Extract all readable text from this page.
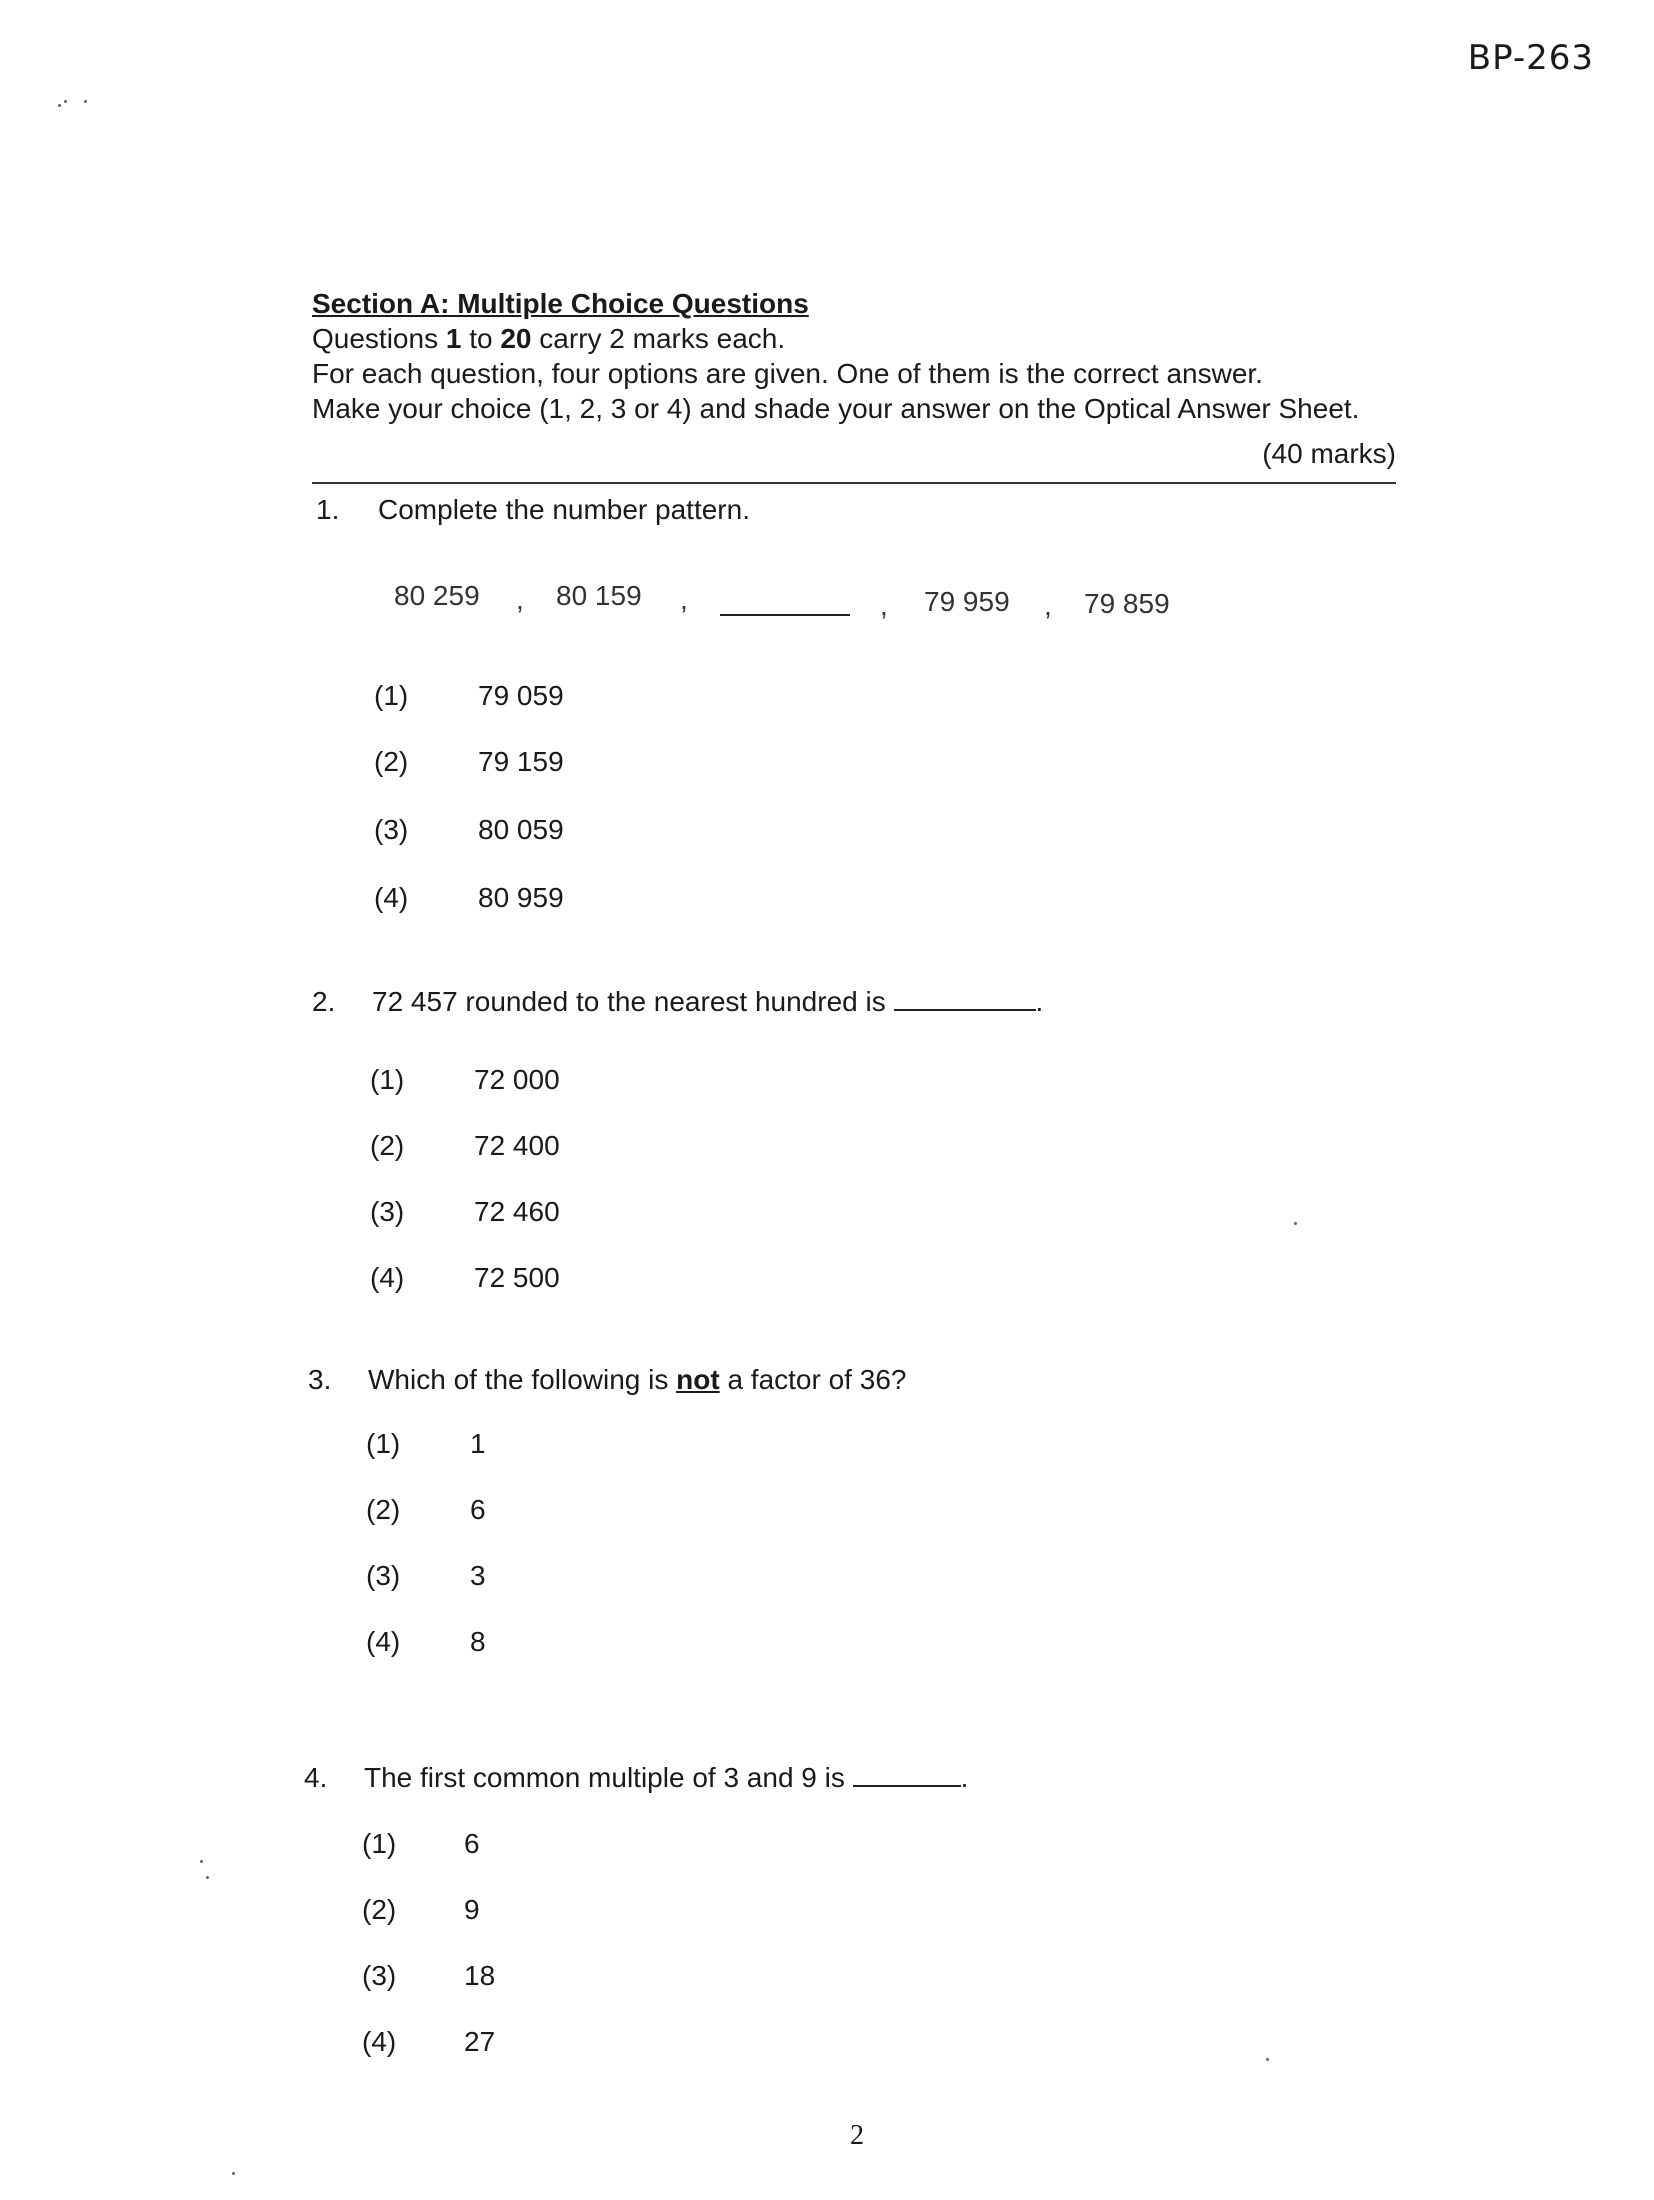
BP-263
Section A: Multiple Choice Questions
Questions 1 to 20 carry 2 marks each.
For each question, four options are given. One of them is the correct answer.
Make your choice (1, 2, 3 or 4) and shade your answer on the Optical Answer Sheet.
(40 marks)
1. Complete the number pattern.
80 259 , 80 159 ,	, 79 959 , 79 859
(1) 79 059
(2) 79 159
(3) 80 059
(4) 80 959
2. 72 457 rounded to the nearest hundred is	.
(1) 72 000
(2) 72 400
(3) 72 460
(4) 72 500
3. Which of the following is not a factor of 36?
(1) 1
(2) 6
(3) 3
(4) 8
4. The first common multiple of 3 and 9 is	.
(1) 6
(2) 9
(3) 18
(4) 27
2
